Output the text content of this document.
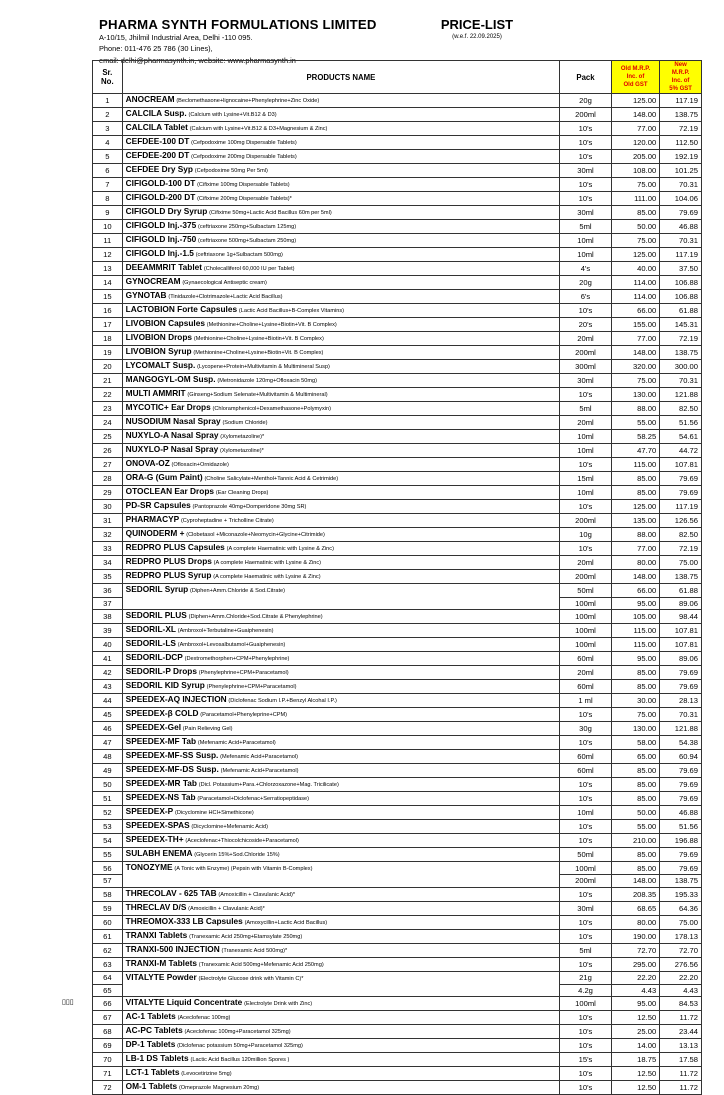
PHARMA SYNTH FORMULATIONS LIMITED
A-10/15, Jhilmil Industrial Area, Delhi -110 095.
Phone: 011-476 25 786 (30 Lines),
email: delhi@pharmasynth.in, website: www.pharmasynth.in
PRICE-LIST
(w.e.f. 22.09.2025)
Sr.
No.	PRODUCTS NAME	Pack	Old M.R.P.
Inc. of
Old GST	New
M.R.P.
Inc. of
5% GST
1	ANOCREAM (Beclomethasone+lignocaine+Phenylephrine+Zinc Oxide)	20g	125.00	117.19
2	CALCILA Susp. (Calcium with Lysine+Vit.B12 & D3)	200ml	148.00	138.75
3	CALCILA Tablet (Calcium with Lysine+Vit.B12 & D3+Magnesium & Zinc)	10's	77.00	72.19
4	CEFDEE-100 DT (Cefpodoxime 100mg Dispersable Tablets)	10's	120.00	112.50
5	CEFDEE-200 DT (Cefpodoxime 200mg Dispersable Tablets)	10's	205.00	192.19
6	CEFDEE Dry Syp (Cefpodoxime 50mg Per 5ml)	30ml	108.00	101.25
7	CIFIGOLD-100 DT (Cifixime 100mg Dispersable Tablets)	10's	75.00	70.31
8	CIFIGOLD-200 DT (Cifixime 200mg Dispersable Tablets)*	10's	111.00	104.06
9	CIFIGOLD Dry Syrup (Cifixime 50mg+Lactic Acid Bacillus 60m per 5ml)	30ml	85.00	79.69
10	CIFIGOLD Inj.-375 (ceftriaxone 250mg+Sulbactam 125mg)	5ml	50.00	46.88
11	CIFIGOLD Inj.-750 (ceftriaxone 500mg+Sulbactam 250mg)	10ml	75.00	70.31
12	CIFIGOLD Inj.-1.5 (ceftriaxone 1g+Sulbactam 500mg)	10ml	125.00	117.19
13	DEEAMMRIT Tablet (Cholecalliferol 60,000 IU per Tablet)	4's	40.00	37.50
14	GYNOCREAM (Gynaecological Antiseptic cream)	20g	114.00	106.88
15	GYNOTAB (Tinidazole+Clotrimazole+Lactic Acid Bacillus)	6's	114.00	106.88
16	LACTOBION Forte Capsules (Lactic Acid Bacillus+B-Complex Vitamins)	10's	66.00	61.88
17	LIVOBION Capsules (Methionine+Choline+Lysine+Biotin+Vit. B Complex)	20's	155.00	145.31
18	LIVOBION Drops (Methionine+Choline+Lysine+Biotin+Vit. B Complex)	20ml	77.00	72.19
19	LIVOBION Syrup (Methionine+Choline+Lysine+Biotin+Vit. B Complex)	200ml	148.00	138.75
20	LYCOMALT Susp. (Lycopene+Protein+Multivitamin & Multimineral Susp)	300ml	320.00	300.00
21	MANGOGYL-OM Susp. (Metronidazole 120mg+Ofloxacin 50mg)	30ml	75.00	70.31
22	MULTI AMMRIT (Ginseng+Sodium Selenate+Multivitamin & Multimineral)	10's	130.00	121.88
23	MYCOTIC+ Ear Drops (Chloramphenicol+Dexamethasone+Polymyxin)	5ml	88.00	82.50
24	NUSODIUM Nasal Spray (Sodium Chloride)	20ml	55.00	51.56
25	NUXYLO-A Nasal Spray (Xylometazoline)*	10ml	58.25	54.61
26	NUXYLO-P Nasal Spray (Xylometazoline)*	10ml	47.70	44.72
27	ONOVA-OZ (Ofloxacin+Ornidazole)	10's	115.00	107.81
28	ORA-G (Gum Paint) (Choline Salicylate+Menthol+Tannic Acid & Cetrimide)	15ml	85.00	79.69
29	OTOCLEAN Ear Drops (Ear Cleaning Drops)	10ml	85.00	79.69
30	PD-SR Capsules (Pantoprazole 40mg+Domperidone 30mg SR)	10's	125.00	117.19
31	PHARMACYP (Cyproheptadine + Tricholline Citrate)	200ml	135.00	126.56
32	QUINODERM + (Clobetasol +Miconazole+Neomycin+Glycine+Citrimide)	10g	88.00	82.50
33	REDPRO PLUS Capsules (A complete Haematinic with Lysine & Zinc)	10's	77.00	72.19
34	REDPRO PLUS Drops (A complete Haematinic with Lysine & Zinc)	20ml	80.00	75.00
35	REDPRO PLUS Syrup (A complete Haematinic with Lysine & Zinc)	200ml	148.00	138.75
36	SEDORIL Syrup (Diphen+Amm.Chloride & Sod.Citrate)	50ml	66.00	61.88
37		100ml	95.00	89.06
38	SEDORIL PLUS (Diphen+Amm.Chloride+Sod.Citrate & Phenylephrine)	100ml	105.00	98.44
39	SEDORIL-XL (Ambroxol+Terbutaline+Guaiphenesin)	100ml	115.00	107.81
40	SEDORIL-LS (Ambroxol+Levosalbutamol+Guaiphenesin)	100ml	115.00	107.81
41	SEDORIL-DCP (Dextromethorphen+CPM+Phenylephrine)	60ml	95.00	89.06
42	SEDORIL-P Drops (Phenylephrine+CPM+Paracetamol)	20ml	85.00	79.69
43	SEDORIL KID Syrup (Phenylephrine+CPM+Paracetamol)	60ml	85.00	79.69
44	SPEEDEX-AQ INJECTION (Diclofenac Sodium I.P.+Benzyl Alcohal I.P.)	1 ml	30.00	28.13
45	SPEEDEX-β COLD (Paracetamol+Phenyleprine+CPM)	10's	75.00	70.31
46	SPEEDEX-Gel (Pain Relieving Gel)	30g	130.00	121.88
47	SPEEDEX-MF Tab (Mefenamic Acid+Paracetamol)	10's	58.00	54.38
48	SPEEDEX-MF-SS Susp. (Mefenamic Acid+Paracetamol)	60ml	65.00	60.94
49	SPEEDEX-MF-DS Susp. (Mefenamic Acid+Paracetamol)	60ml	85.00	79.69
50	SPEEDEX-MR Tab (Dicl. Potassium+Para.+Chlorzoxazone+Mag. Tricilicate)	10's	85.00	79.69
51	SPEEDEX-NS Tab (Paracetamol+Diclofenac+Serratiopeptidase)	10's	85.00	79.69
52	SPEEDEX-P (Dicyclomine HCl+Simethicone)	10ml	50.00	46.88
53	SPEEDEX-SPAS (Dicyclomine+Mefenamic Acid)	10's	55.00	51.56
54	SPEEDEX-TH+ (Aceclofenac+Thiocolchicoside+Paracetamol)	10's	210.00	196.88
55	SULABH ENEMA (Glycerin 15%+Sod.Chloride 15%)	50ml	85.00	79.69
56	TONOZYME (A Tonic with Enzyme) (Pepsin with Vitamin B-Complex)	100ml	85.00	79.69
57		200ml	148.00	138.75
58	THRECOLAV - 625 TAB (Amoxicillin + Clavulanic Acid)*	10's	208.35	195.33
59	THRECLAV D/S (Amoxicillin + Clavulanic Acid)*	30ml	68.65	64.36
60	THREOMOX-333 LB Capsules (Amoxycillin+Lactic Acid Bacillus)	10's	80.00	75.00
61	TRANXI Tablets (Tranexamic Acid 250mg+Etamsylate 250mg)	10's	190.00	178.13
62	TRANXI-500 INJECTION (Tranexamic Acid 500mg)*	5ml	72.70	72.70
63	TRANXI-M Tablets (Tranexamic Acid 500mg+Mefenamic Acid 250mg)	10's	295.00	276.56
64	VITALYTE Powder (Electrolyte Glucose drink with Vitamin C)*	21g	22.20	22.20
65		4.2g	4.43	4.43
66	VITALYTE Liquid Concentrate (Electrolyte Drink with Zinc)	100ml	95.00	84.53
67	AC-1 Tablets (Aceclofenac 100mg)	10's	12.50	11.72
68	AC-PC Tablets (Aceclofenac 100mg+Paracetamol 325mg)	10's	25.00	23.44
69	DP-1 Tablets (Diclofenac potassium 50mg+Paracetamol 325mg)	10's	14.00	13.13
70	LB-1 DS Tablets (Lactic Acid Bacillus 120million Spores )	15's	18.75	17.58
71	LCT-1 Tablets (Levocetirizine 5mg)	10's	12.50	11.72
72	OM-1 Tablets (Omeprazole Magnesium 20mg)	10's	12.50	11.72
▯▯▯
